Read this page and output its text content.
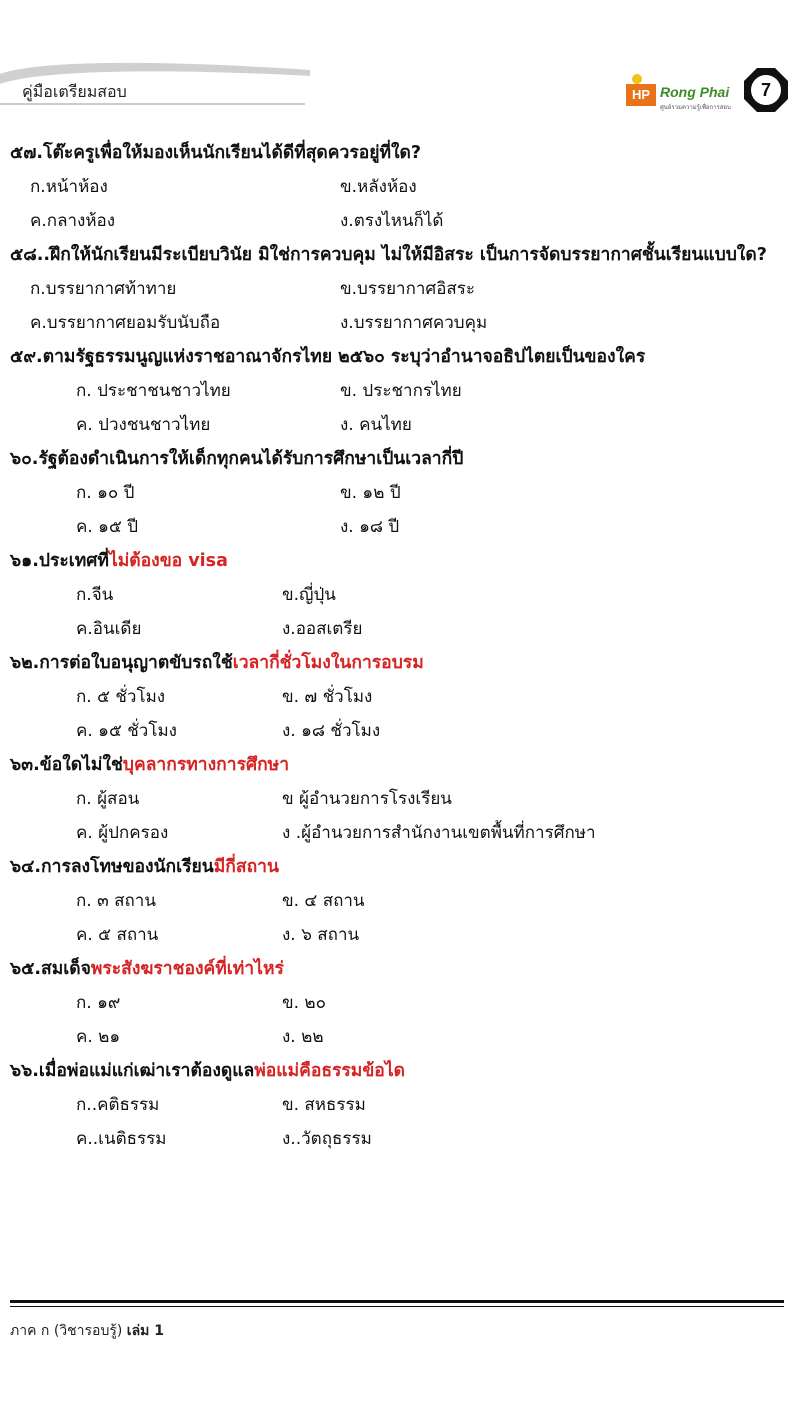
คู่มือเตรียมสอบ	HP Rong Phai
ศูนย์รวมความรู้เพื่อการสอบ
7
๕๗.โต๊ะครูเพื่อให้มองเห็นนักเรียนได้ดีที่สุดควรอยู่ที่ใด?
ก.หน้าห้อง	ข.หลังห้อง
ค.กลางห้อง	ง.ตรงไหนก็ได้
๕๘..ฝึกให้นักเรียนมีระเบียบวินัย มิใช่การควบคุม ไม่ให้มีอิสระ เป็นการจัดบรรยากาศชั้นเรียนแบบใด?
ก.บรรยากาศท้าทาย	ข.บรรยากาศอิสระ
ค.บรรยากาศยอมรับนับถือ	ง.บรรยากาศควบคุม
๕๙.ตามรัฐธรรมนูญแห่งราชอาณาจักรไทย ๒๕๖๐ ระบุว่าอำนาจอธิปไตยเป็นของใคร
ก. ประชาชนชาวไทย	ข. ประชากรไทย
ค. ปวงชนชาวไทย	ง. คนไทย
๖๐.รัฐต้องดำเนินการให้เด็กทุกคนได้รับการศึกษาเป็นเวลากี่ปี
ก. ๑๐ ปี	ข. ๑๒ ปี
ค. ๑๕ ปี	ง. ๑๘ ปี
๖๑.ประเทศที่ไม่ต้องขอ visa
ก.จีน	ข.ญี่ปุ่น
ค.อินเดีย	ง.ออสเตรีย
๖๒.การต่อใบอนุญาตขับรถใช้เวลากี่ชั่วโมงในการอบรม
ก. ๕ ชั่วโมง	ข. ๗ ชั่วโมง
ค. ๑๕ ชั่วโมง	ง. ๑๘ ชั่วโมง
๖๓.ข้อใดไม่ใช่บุคลากรทางการศึกษา
ก. ผู้สอน	ข ผู้อำนวยการโรงเรียน
ค. ผู้ปกครอง	ง .ผู้อำนวยการสำนักงานเขตพื้นที่การศึกษา
๖๔.การลงโทษของนักเรียนมีกี่สถาน
ก. ๓ สถาน	ข. ๔ สถาน
ค. ๕ สถาน	ง. ๖ สถาน
๖๕.สมเด็จพระสังฆราชองค์ที่เท่าไหร่
ก. ๑๙	ข. ๒๐
ค. ๒๑	ง. ๒๒
๖๖.เมื่อพ่อแม่แก่เฒ่าเราต้องดูแลพ่อแม่คือธรรมข้อได
ก..คติธรรม	ข. สหธรรม
ค..เนติธรรม	ง..วัตถุธรรม
ภาค ก (วิชารอบรู้) เล่ม 1
